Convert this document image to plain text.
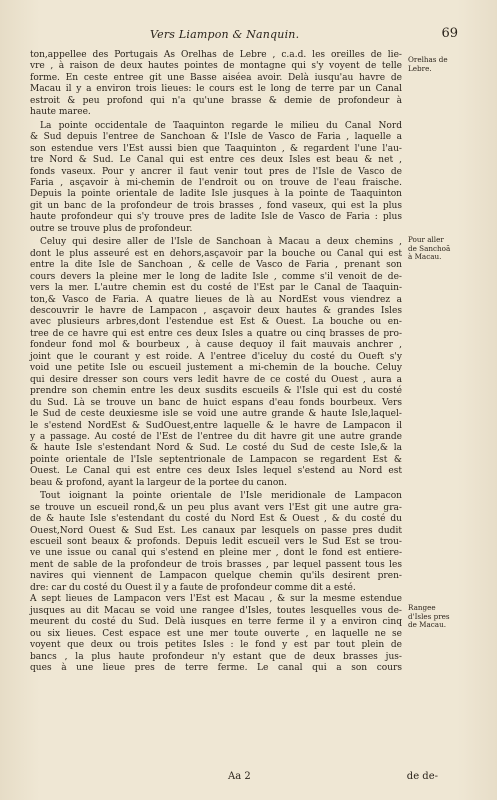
Vers Liampon & Nanquin.	69

ton,appellee des Portugais As Orelhas de Lebre , c.a.d. les oreilles de lie-

vre , à raison de deux hautes pointes de montagne qui s'y voyent de telle

forme. En ceste entree git une Basse aiséea avoir. Delà iusqu'au havre de

Macau il y a environ trois lieues: le cours est le long de terre par un Canal

estroit & peu profond qui n'a qu'une brasse & demie de profondeur à

haute maree.

La pointe occidentale de Taaquinton regarde le milieu du Canal Nord

& Sud depuis l'entree de Sanchoan & l'Isle de Vasco de Faria , laquelle a

son estendue vers l'Est aussi bien que Taaquinton , & regardent l'une l'au-

tre Nord & Sud. Le Canal qui est entre ces deux Isles est beau & net ,

fonds vaseux. Pour y ancrer il faut venir tout pres de l'Isle de Vasco de

Faria , asçavoir à mi-chemin de l'endroit ou on trouve de l'eau fraische.

Depuis la pointe orientale de ladite Isle jusques à la pointe de Taaquinton

git un banc de la profondeur de trois brasses , fond vaseux, qui est la plus

haute profondeur qui s'y trouve pres de ladite Isle de Vasco de Faria : plus

outre se trouve plus de profondeur.

Celuy qui desire aller de l'Isle de Sanchoan à Macau a deux chemins ,

dont le plus asseuré est en dehors,asçavoir par la bouche ou Canal qui est

entre la dite Isle de Sanchoan , & celle de Vasco de Faria , prenant son

cours devers la pleine mer le long de ladite Isle , comme s'il venoit de de-

vers la mer. L'autre chemin est du costé de l'Est par le Canal de Taaquin-

ton,& Vasco de Faria. A quatre lieues de là au NordEst vous viendrez a

descouvrir le havre de Lampacon , asçavoir deux hautes & grandes Isles

avec plusieurs arbres,dont l'estendue est Est & Ouest. La bouche ou en-

tree de ce havre qui est entre ces deux Isles a quatre ou cinq brasses de pro-

fondeur fond mol & bourbeux , à cause dequoy il fait mauvais anchrer ,

joint que le courant y est roide. A l'entree d'iceluy du costé du Oueft s'y

void une petite Isle ou escueil justement a mi-chemin de la bouche. Celuy

qui desire dresser son cours vers ledit havre de ce costé du Ouest , aura a

prendre son chemin entre les deux susdits escueils & l'Isle qui est du costé

du Sud. Là se trouve un banc de huict espans d'eau fonds bourbeux. Vers

le Sud de ceste deuxiesme isle se void une autre grande & haute Isle,laquel-

le s'estend NordEst & SudOuest,entre laquelle & le havre de Lampacon il

y a passage. Au costé de l'Est de l'entree du dit havre git une autre grande

& haute Isle s'estendant Nord & Sud. Le costé du Sud de ceste Isle,& la

pointe orientale de l'Isle septentrionale de Lampacon se regardent Est &

Ouest. Le Canal qui est entre ces deux Isles lequel s'estend au Nord est

beau & profond, ayant la largeur de la portee du canon.

Tout ioignant la pointe orientale de l'Isle meridionale de Lampacon

se trouve un escueil rond,& un peu plus avant vers l'Est git une autre gra-

de & haute Isle s'estendant du costé du Nord Est & Ouest , & du costé du

Ouest,Nord Ouest & Sud Est. Les canaux par lesquels on passe pres dudit

escueil sont beaux & profonds. Depuis ledit escueil vers le Sud Est se trou-

ve une issue ou canal qui s'estend en pleine mer , dont le fond est entiere-

ment de sable de la profondeur de trois brasses , par lequel passent tous les

navires qui viennent de Lampacon quelque chemin qu'ils desirent pren-

dre: car du costé du Ouest il y a faute de profondeur comme dit a esté.

A sept lieues de Lampacon vers l'Est est Macau , & sur la mesme estendue

jusques au dit Macau se void une rangee d'Isles, toutes lesquelles vous de-

meurent du costé du Sud. Delà iusques en terre ferme il y a environ cinq

ou six lieues. Cest espace est une mer toute ouverte , en laquelle ne se

voyent que deux ou trois petites Isles : le fond y est par tout plein de

bancs , la plus haute profondeur n'y estant que de deux brasses jus-

ques à une lieue pres de terre ferme. Le canal qui a son cours

Orelhas de
Lebre.
Pour aller
de Sanchoã
à Macau.
Rangee
d'Isles pres
de Macau.
Aa 2	de de-
